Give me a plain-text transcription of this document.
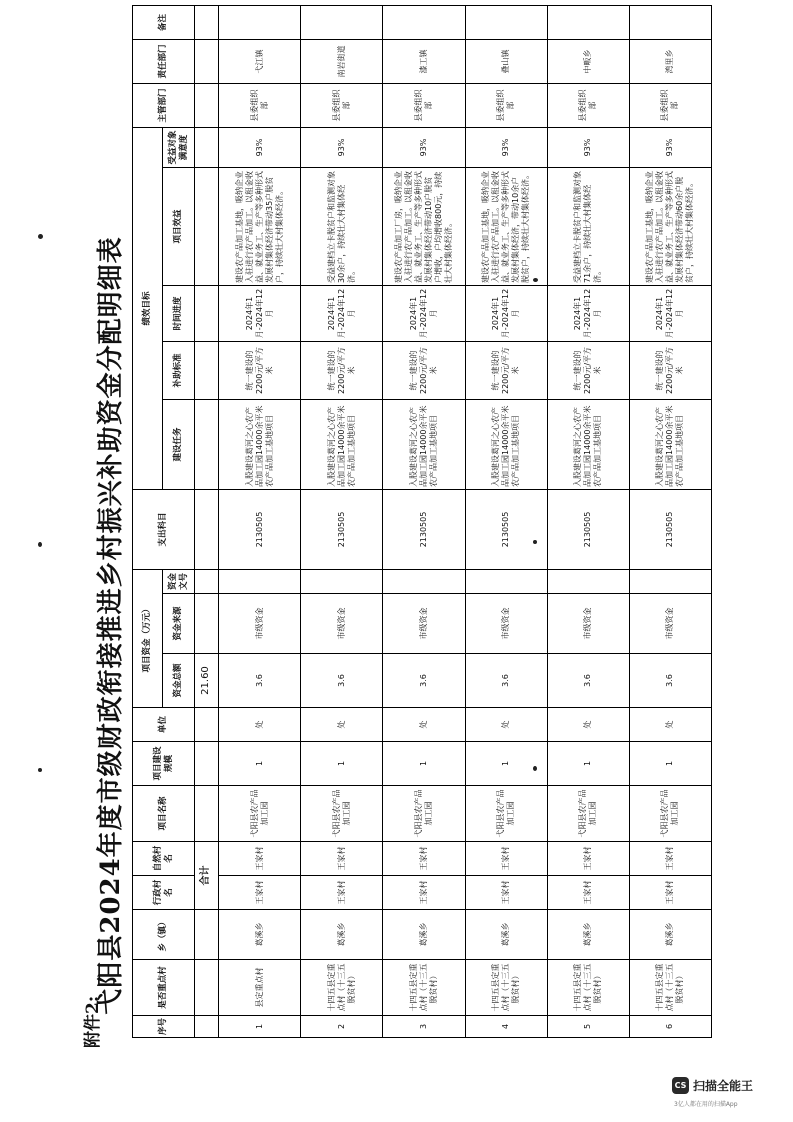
附件2:
弋阳县2024年度市级财政衔接推进乡村振兴补助资金分配明细表
序号	是否重点村	乡（镇）	行政村名	自然村名	项目名称	项目建设规模	单位	项目资金（万元）			支出科目	绩效目标					主管部门	责任部门	备注
								资金总额	资金来源	资金文号		建设任务	补助标准	时间进度	项目效益	受益对象满意度			
			合计					21.60											
1	县定重点村	葛溪乡	王家村	王家村	弋阳县农产品加工园	1	处	3.6	市级资金		2130505	入股建设葛河之心农产品加工园14000余平米农产品加工基地项目	统一建设的2200元/平方米	2024年1月-2024年12月	建设农产品加工基地，吸纳企业入驻进行农产品加工。以租金收益、就业务工、生产等多种形式发展村集体经济带动35户脱贫户，持续壮大村集体经济。	93%	县委组织部	弋江镇	
2	十四五县定重点村（十三五脱贫村）	葛溪乡	王家村	王家村	弋阳县农产品加工园	1	处	3.6	市级资金		2130505	入股建设葛河之心农产品加工园14000余平米农产品加工基地项目	统一建设的2200元/平方米	2024年1月-2024年12月	受益建档立卡脱贫户和监测对象30余户，持续壮大村集体经济。	93%	县委组织部	南岩街道	
3	十四五县定重点村（十三五脱贫村）	葛溪乡	王家村	王家村	弋阳县农产品加工园	1	处	3.6	市级资金		2130505	入股建设葛河之心农产品加工园14000余平米农产品加工基地项目	统一建设的2200元/平方米	2024年1月-2024年12月	建设农产品加工厂房，吸纳企业入驻进行农产品加工。以租金收益、就业务工、生产等多种形式发展村集体经济带动10户脱贫户增收，户均增收800元，持续壮大村集体经济。	93%	县委组织部	漆工镇	
4	十四五县定重点村（十三五脱贫村）	葛溪乡	王家村	王家村	弋阳县农产品加工园	1	处	3.6	市级资金		2130505	入股建设葛河之心农产品加工园14000余平米农产品加工基地项目	统一建设的2200元/平方米	2024年1月-2024年12月	建设农产品加工基地，吸纳企业入驻进行农产品加工。以租金收益、就业务工、生产等多种形式发展村集体经济，带动10余户脱贫户，持续壮大村集体经济。	93%	县委组织部	叠山镇	
5	十四五县定重点村（十三五脱贫村）	葛溪乡	王家村	王家村	弋阳县农产品加工园	1	处	3.6	市级资金		2130505	入股建设葛河之心农产品加工园14000余平米农产品加工基地项目	统一建设的2200元/平方米	2024年1月-2024年12月	受益建档立卡脱贫户和监测对象71余户，持续壮大村集体经济。	93%	县委组织部	中畈乡	
6	十四五县定重点村（十三五脱贫村）	葛溪乡	王家村	王家村	弋阳县农产品加工园	1	处	3.6	市级资金		2130505	入股建设葛河之心农产品加工园14000余平米农产品加工基地项目	统一建设的2200元/平方米	2024年1月-2024年12月	建设农产品加工基地，吸纳企业入驻进行农产品加工。以租金收益、就业务工、生产等多种形式发展村集体经济带动60余户脱贫户，持续壮大村集体经济。	93%	县委组织部	湾里乡	
CS 扫描全能王
3亿人都在用的扫描App
